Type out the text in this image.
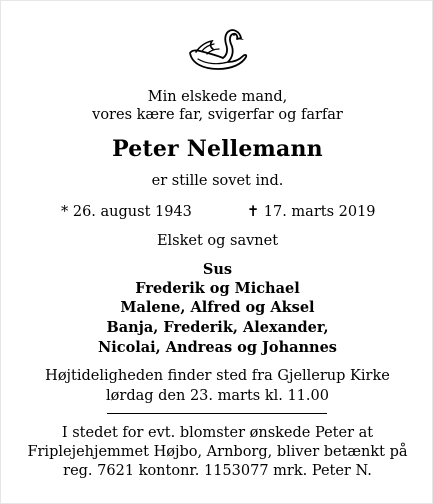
Min elskede mand,
vores kære far, svigerfar og farfar
Peter Nellemann
er stille sovet ind.
* 26. august 1943	✝ 17. marts 2019
Elsket og savnet
Sus
Frederik og Michael
Malene, Alfred og Aksel
Banja, Frederik, Alexander,
Nicolai, Andreas og Johannes
Højtideligheden finder sted fra Gjellerup Kirke
lørdag den 23. marts kl. 11.00
I stedet for evt. blomster ønskede Peter at
Friplejehjemmet Højbo, Arnborg, bliver betænkt på
reg. 7621 kontonr. 1153077 mrk. Peter N.
